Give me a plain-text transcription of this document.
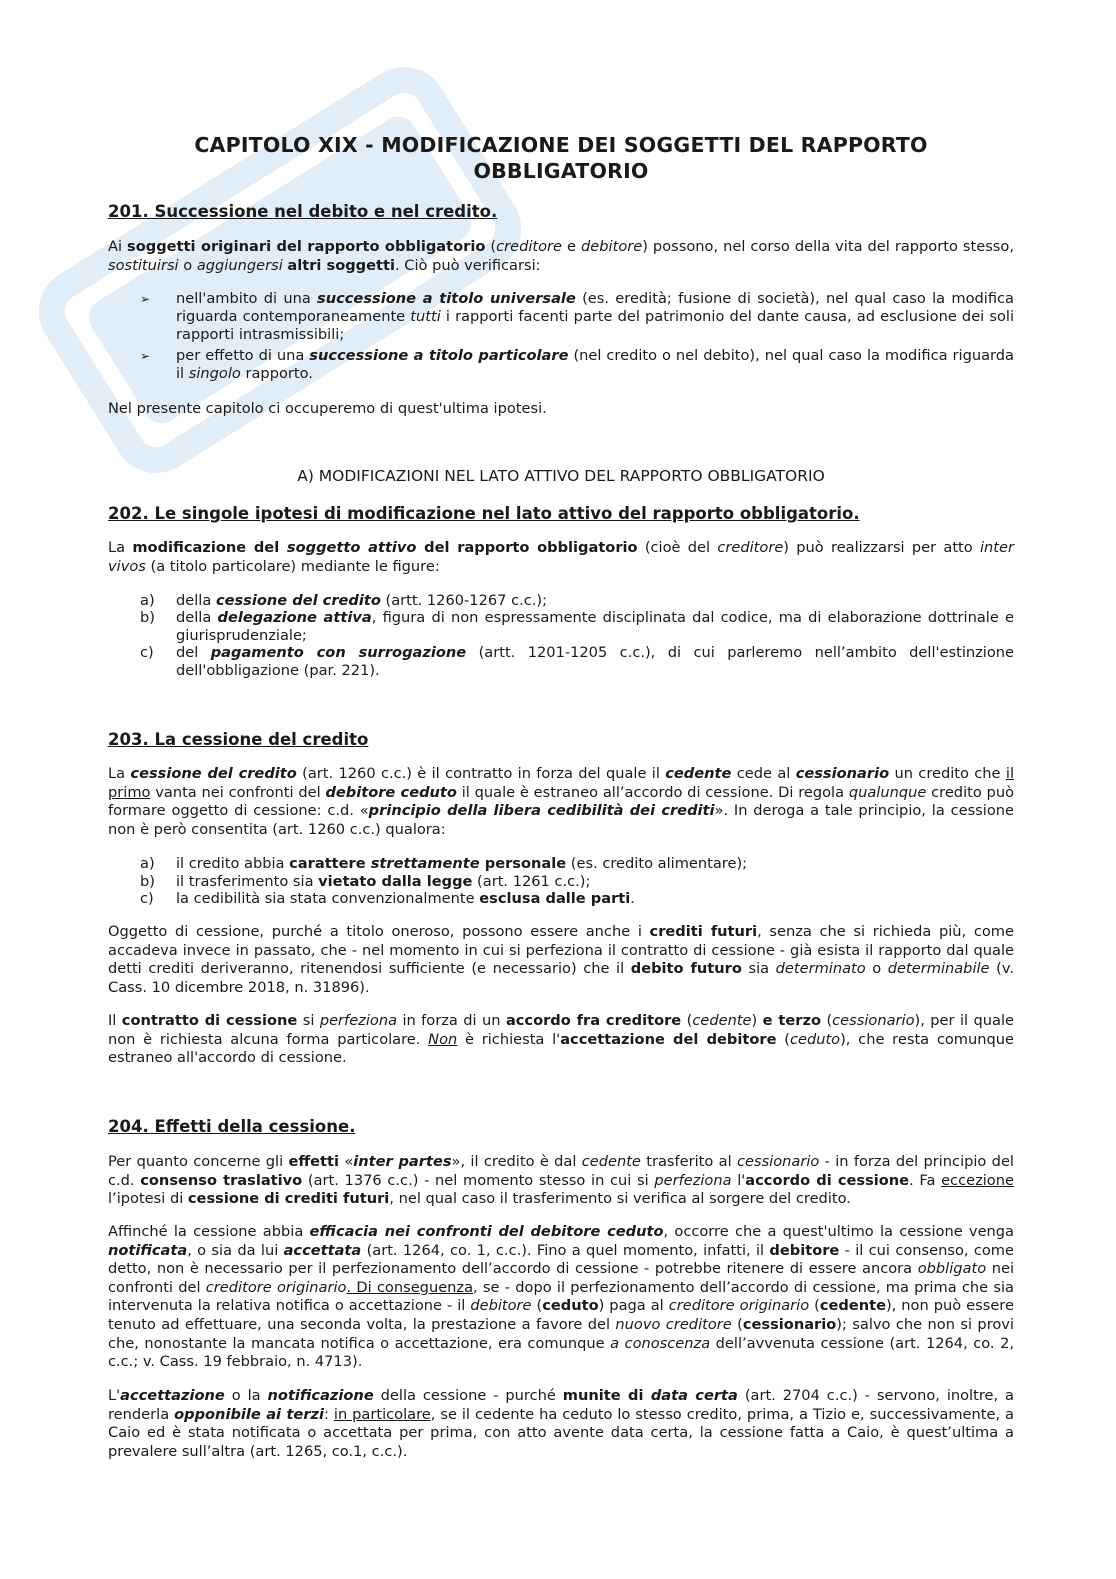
CAPITOLO XIX - MODIFICAZIONE DEI SOGGETTI DEL RAPPORTO
OBBLIGATORIO
201. Successione nel debito e nel credito.
Ai soggetti originari del rapporto obbligatorio (creditore e debitore) possono, nel corso della vita del rapporto stesso, sostituirsi o aggiungersi altri soggetti. Ciò può verificarsi:
➢ nell'ambito di una successione a titolo universale (es. eredità; fusione di società), nel qual caso la modifica riguarda contemporaneamente tutti i rapporti facenti parte del patrimonio del dante causa, ad esclusione dei soli rapporti intrasmissibili;
➢ per effetto di una successione a titolo particolare (nel credito o nel debito), nel qual caso la modifica riguarda il singolo rapporto.
Nel presente capitolo ci occuperemo di quest'ultima ipotesi.
A) MODIFICAZIONI NEL LATO ATTIVO DEL RAPPORTO OBBLIGATORIO
202. Le singole ipotesi di modificazione nel lato attivo del rapporto obbligatorio.
La modificazione del soggetto attivo del rapporto obbligatorio (cioè del creditore) può realizzarsi per atto inter vivos (a titolo particolare) mediante le figure:
a) della cessione del credito (artt. 1260-1267 c.c.);
b) della delegazione attiva, figura di non espressamente disciplinata dal codice, ma di elaborazione dottrinale e giurisprudenziale;
c) del pagamento con surrogazione (artt. 1201-1205 c.c.), di cui parleremo nell’ambito dell'estinzione dell'obbligazione (par. 221).
203. La cessione del credito
La cessione del credito (art. 1260 c.c.) è il contratto in forza del quale il cedente cede al cessionario un credito che il primo vanta nei confronti del debitore ceduto il quale è estraneo all’accordo di cessione. Di regola qualunque credito può formare oggetto di cessione: c.d. «principio della libera cedibilità dei crediti». In deroga a tale principio, la cessione non è però consentita (art. 1260 c.c.) qualora:
a) il credito abbia carattere strettamente personale (es. credito alimentare);
b) il trasferimento sia vietato dalla legge (art. 1261 c.c.);
c) la cedibilità sia stata convenzionalmente esclusa dalle parti.
Oggetto di cessione, purché a titolo oneroso, possono essere anche i crediti futuri, senza che si richieda più, come accadeva invece in passato, che - nel momento in cui si perfeziona il contratto di cessione - già esista il rapporto dal quale detti crediti deriveranno, ritenendosi sufficiente (e necessario) che il debito futuro sia determinato o determinabile (v. Cass. 10 dicembre 2018, n. 31896).
Il contratto di cessione si perfeziona in forza di un accordo fra creditore (cedente) e terzo (cessionario), per il quale non è richiesta alcuna forma particolare. Non è richiesta l'accettazione del debitore (ceduto), che resta comunque estraneo all'accordo di cessione.
204. Effetti della cessione.
Per quanto concerne gli effetti «inter partes», il credito è dal cedente trasferito al cessionario - in forza del principio del c.d. consenso traslativo (art. 1376 c.c.) - nel momento stesso in cui si perfeziona l'accordo di cessione. Fa eccezione l’ipotesi di cessione di crediti futuri, nel qual caso il trasferimento si verifica al sorgere del credito.
Affinché la cessione abbia efficacia nei confronti del debitore ceduto, occorre che a quest'ultimo la cessione venga notificata, o sia da lui accettata (art. 1264, co. 1, c.c.). Fino a quel momento, infatti, il debitore - il cui consenso, come detto, non è necessario per il perfezionamento dell’accordo di cessione - potrebbe ritenere di essere ancora obbligato nei confronti del creditore originario. Di conseguenza, se - dopo il perfezionamento dell’accordo di cessione, ma prima che sia intervenuta la relativa notifica o accettazione - il debitore (ceduto) paga al creditore originario (cedente), non può essere tenuto ad effettuare, una seconda volta, la prestazione a favore del nuovo creditore (cessionario); salvo che non si provi che, nonostante la mancata notifica o accettazione, era comunque a conoscenza dell’avvenuta cessione (art. 1264, co. 2, c.c.; v. Cass. 19 febbraio, n. 4713).
L'accettazione o la notificazione della cessione - purché munite di data certa (art. 2704 c.c.) - servono, inoltre, a renderla opponibile ai terzi: in particolare, se il cedente ha ceduto lo stesso credito, prima, a Tizio e, successivamente, a Caio ed è stata notificata o accettata per prima, con atto avente data certa, la cessione fatta a Caio, è quest’ultima a prevalere sull’altra (art. 1265, co.1, c.c.).
